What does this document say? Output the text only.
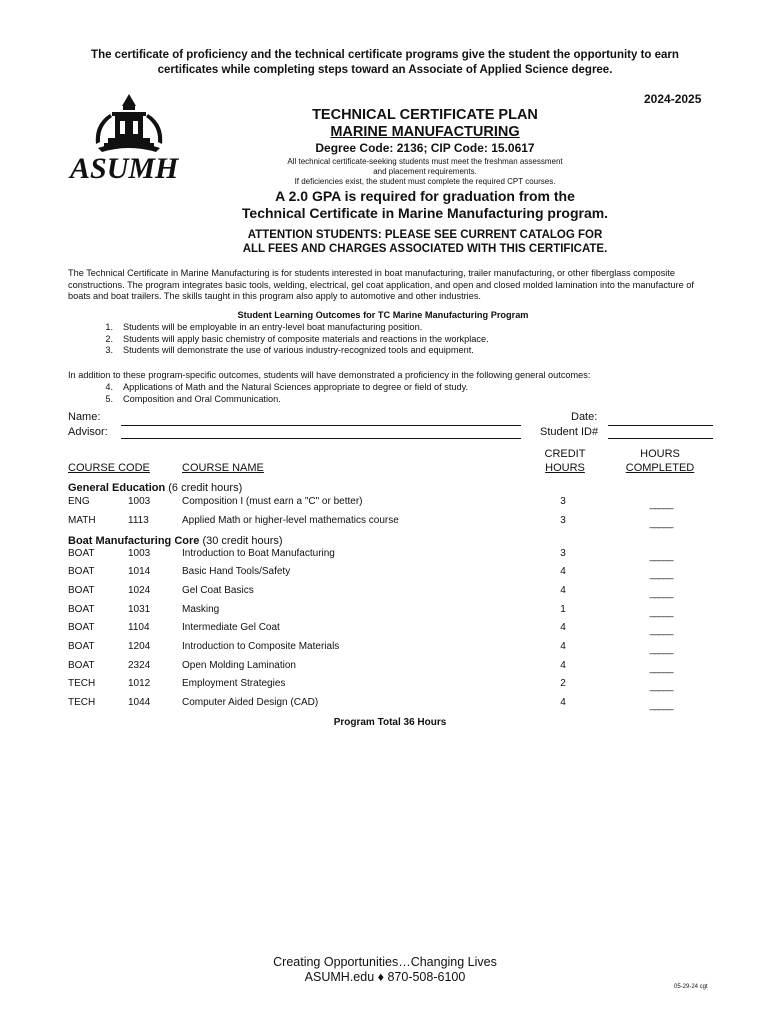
The certificate of proficiency and the technical certificate programs give the student the opportunity to earn certificates while completing steps toward an Associate of Applied Science degree.
2024-2025
ASUMH
TECHNICAL CERTIFICATE PLAN
MARINE MANUFACTURING
Degree Code: 2136; CIP Code: 15.0617
All technical certificate-seeking students must meet the freshman assessment
and placement requirements.
If deficiencies exist, the student must complete the required CPT courses.
A 2.0 GPA is required for graduation from the
Technical Certificate in Marine Manufacturing program.
ATTENTION STUDENTS: PLEASE SEE CURRENT CATALOG FOR
ALL FEES AND CHARGES ASSOCIATED WITH THIS CERTIFICATE.
The Technical Certificate in Marine Manufacturing is for students interested in boat manufacturing, trailer manufacturing, or other fiberglass composite constructions. The program integrates basic tools, welding, electrical, gel coat application, and open and closed molded lamination into the manufacture of boats and boat trailers. The skills taught in this program also apply to automotive and other industries.
Student Learning Outcomes for TC Marine Manufacturing Program
1.	Students will be employable in an entry-level boat manufacturing position.
2.	Students will apply basic chemistry of composite materials and reactions in the workplace.
3.	Students will demonstrate the use of various industry-recognized tools and equipment.
In addition to these program-specific outcomes, students will have demonstrated a proficiency in the following general outcomes:
4.	Applications of Math and the Natural Sciences appropriate to degree or field of study.
5.	Composition and Oral Communication.
Name:
Advisor:
Date:
Student ID#
COURSE CODE	COURSE NAME
CREDIT
HOURS
HOURS
COMPLETED
General Education (6 credit hours)
Boat Manufacturing Core (30 credit hours)
ENG	1003	Composition I (must earn a "C" or better)	3	_____
MATH	1113	Applied Math or higher-level mathematics course	3	_____
BOAT	1003	Introduction to Boat Manufacturing	3	_____
BOAT	1014	Basic Hand Tools/Safety	4	_____
BOAT	1024	Gel Coat Basics	4	_____
BOAT	1031	Masking	1	_____
BOAT	1104	Intermediate Gel Coat	4	_____
BOAT	1204	Introduction to Composite Materials	4	_____
BOAT	2324	Open Molding Lamination	4	_____
TECH	1012	Employment Strategies	2	_____
TECH	1044	Computer Aided Design (CAD)	4	_____
Program Total 36 Hours
Creating Opportunities…Changing Lives
ASUMH.edu ♦ 870-508-6100
05-29-24 cgt
